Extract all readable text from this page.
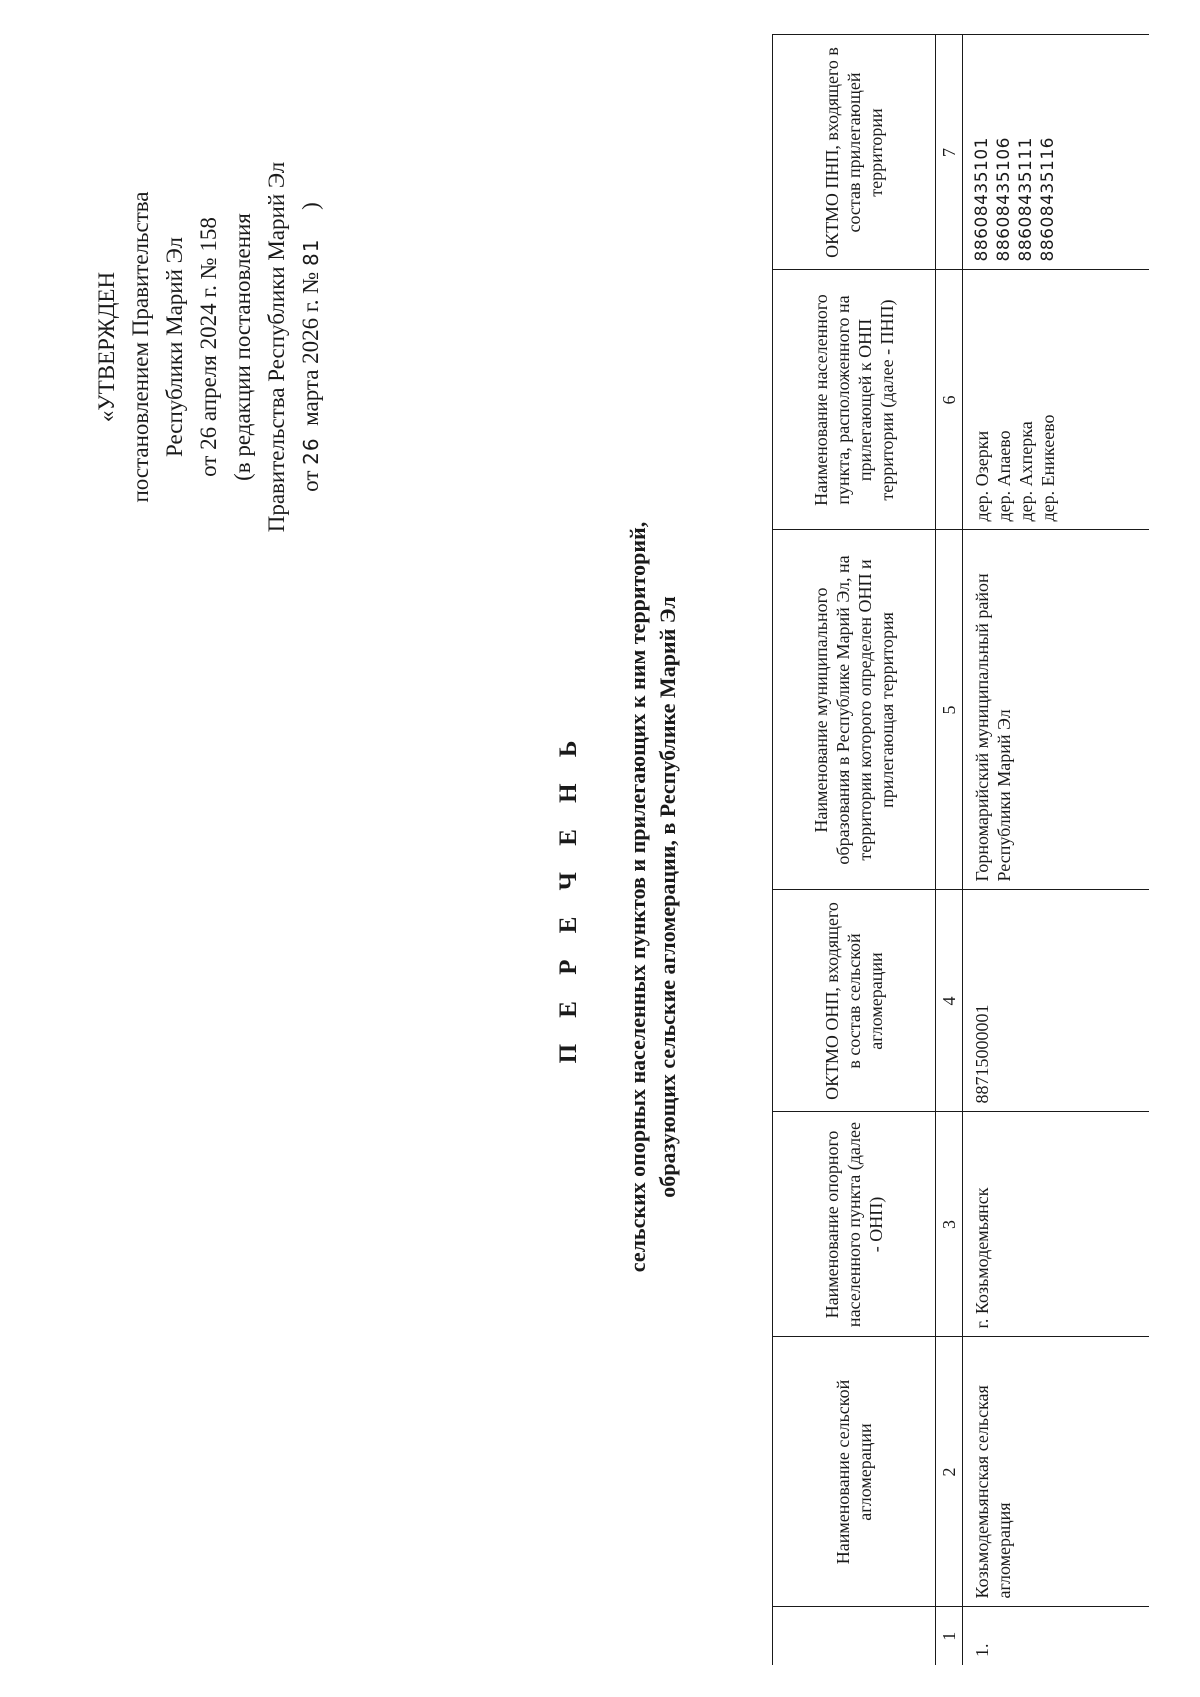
«УТВЕРЖДЕН постановлением Правительства Республики Марий Эл от 26 апреля 2024 г. № 158 (в редакции постановления Правительства Республики Марий Эл от 26  марта 2026 г. № 81     )
П Е Р Е Ч Е Н Ь сельских опорных населенных пунктов и прилегающих к ним территорий, образующих сельские агломерации, в Республике Марий Эл
	Наименование сельской агломерации	Наименование опорного населенного пункта (далее - ОНП)	ОКТМО ОНП, входящего в состав сельской агломерации	Наименование муниципального образования в Республике Марий Эл, на территории которого определен ОНП и прилегающая территория	Наименование населенного пункта, расположенного на прилегающей к ОНП территории (далее - ПНП)	ОКТМО ПНП, входящего в состав прилегающей территории
1	2	3	4	5	6	7
1.	Козьмодемьянская сельская агломерация	г. Козьмодемьянск	88715000001	Горномарийский муниципальный район Республики Марий Эл	дер. Озерки дер. Апаево дер. Ахперка дер. Еникеево	88608435101 88608435106 88608435111 88608435116
